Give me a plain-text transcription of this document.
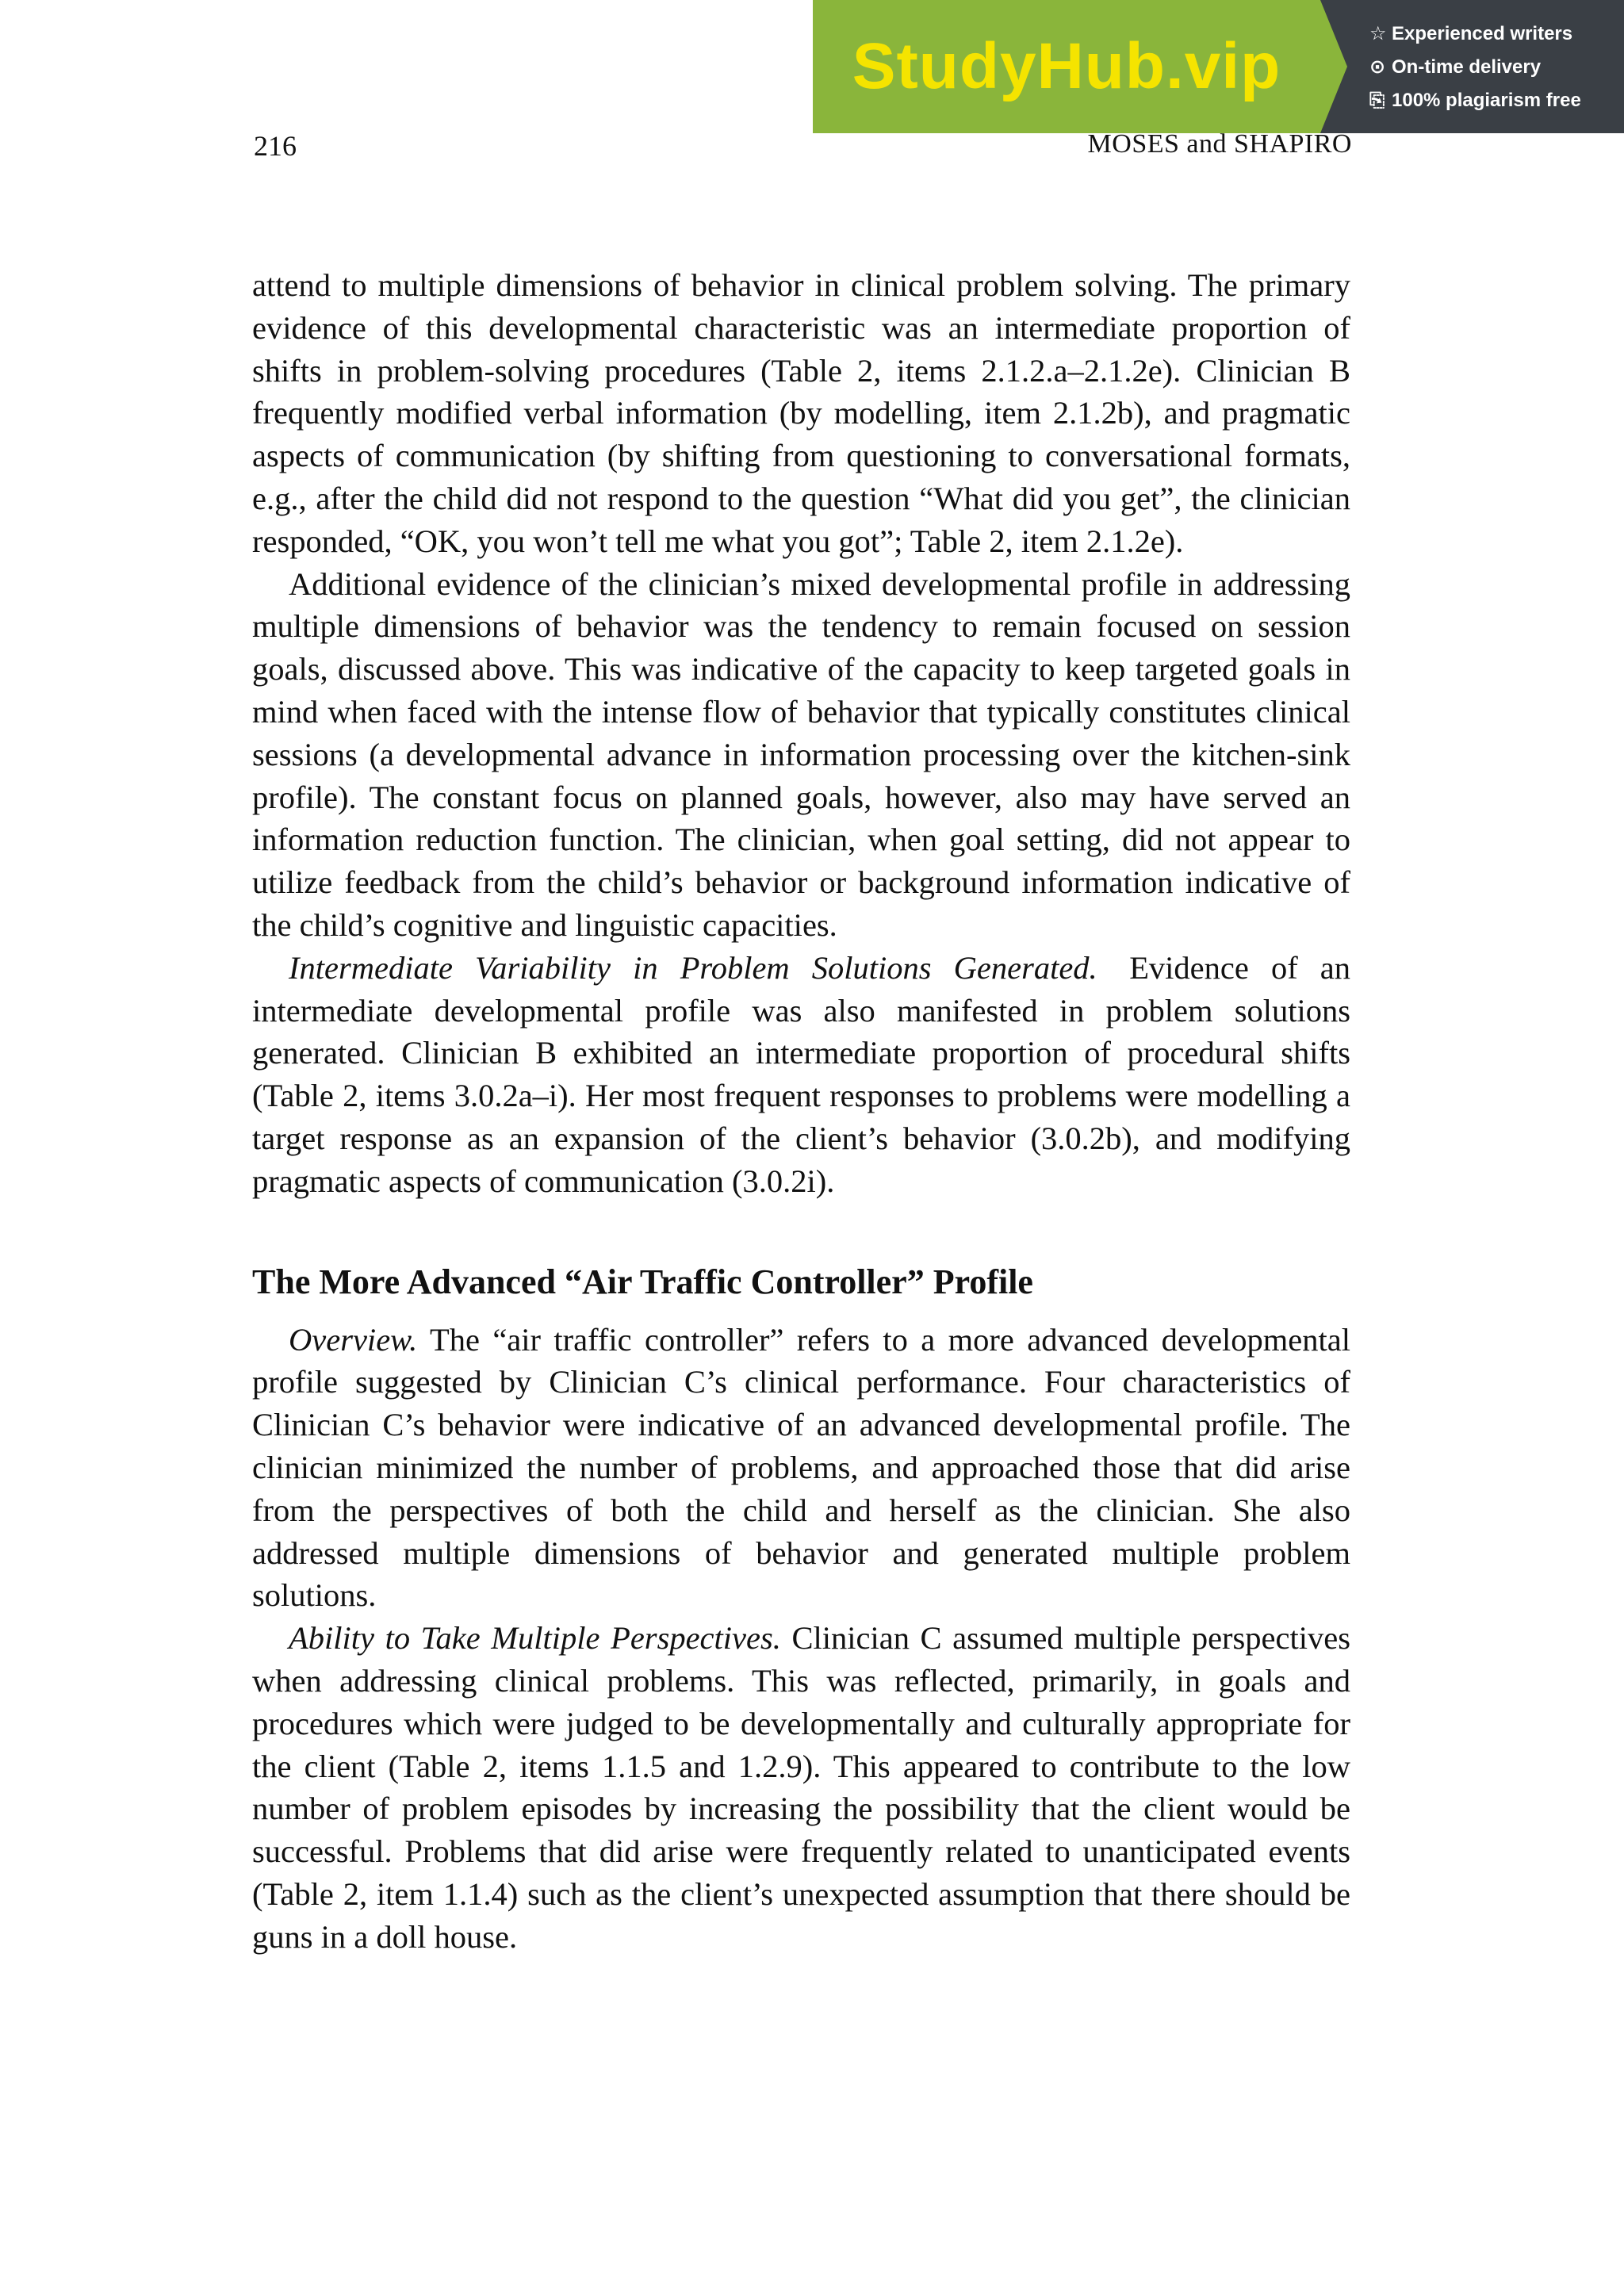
StudyHub.vip	☆ Experienced writers
⊙ On-time delivery
⎘ 100% plagiarism free
216	MOSES and SHAPIRO

attend to multiple dimensions of behavior in clinical problem solving. The primary evidence of this developmental characteristic was an intermediate proportion of shifts in problem-solving procedures (Table 2, items 2.1.2.a–2.1.2e). Clinician B frequently modified verbal information (by modelling, item 2.1.2b), and pragmatic aspects of communication (by shifting from questioning to conversational formats, e.g., after the child did not respond to the question “What did you get”, the clinician responded, “OK, you won’t tell me what you got”; Table 2, item 2.1.2e).

Additional evidence of the clinician’s mixed developmental profile in addressing multiple dimensions of behavior was the tendency to remain focused on session goals, discussed above. This was indicative of the capacity to keep targeted goals in mind when faced with the intense flow of behavior that typically constitutes clinical sessions (a developmental advance in information processing over the kitchen-sink profile). The constant focus on planned goals, however, also may have served an information reduction function. The clinician, when goal setting, did not appear to utilize feedback from the child’s behavior or background information indicative of the child’s cognitive and linguistic capacities.

Intermediate Variability in Problem Solutions Generated.  Evidence of an intermediate developmental profile was also manifested in problem solutions generated. Clinician B exhibited an intermediate proportion of procedural shifts (Table 2, items 3.0.2a–i). Her most frequent responses to problems were modelling a target response as an expansion of the client’s behavior (3.0.2b), and modifying pragmatic aspects of communication (3.0.2i).

The More Advanced “Air Traffic Controller” Profile

Overview. The “air traffic controller” refers to a more advanced developmental profile suggested by Clinician C’s clinical performance. Four characteristics of Clinician C’s behavior were indicative of an advanced developmental profile. The clinician minimized the number of problems, and approached those that did arise from the perspectives of both the child and herself as the clinician. She also addressed multiple dimensions of behavior and generated multiple problem solutions.

Ability to Take Multiple Perspectives. Clinician C assumed multiple perspectives when addressing clinical problems. This was reflected, primarily, in goals and procedures which were judged to be developmentally and culturally appropriate for the client (Table 2, items 1.1.5 and 1.2.9). This appeared to contribute to the low number of problem episodes by increasing the possibility that the client would be successful. Problems that did arise were frequently related to unanticipated events (Table 2, item 1.1.4) such as the client’s unexpected assumption that there should be guns in a doll house.
